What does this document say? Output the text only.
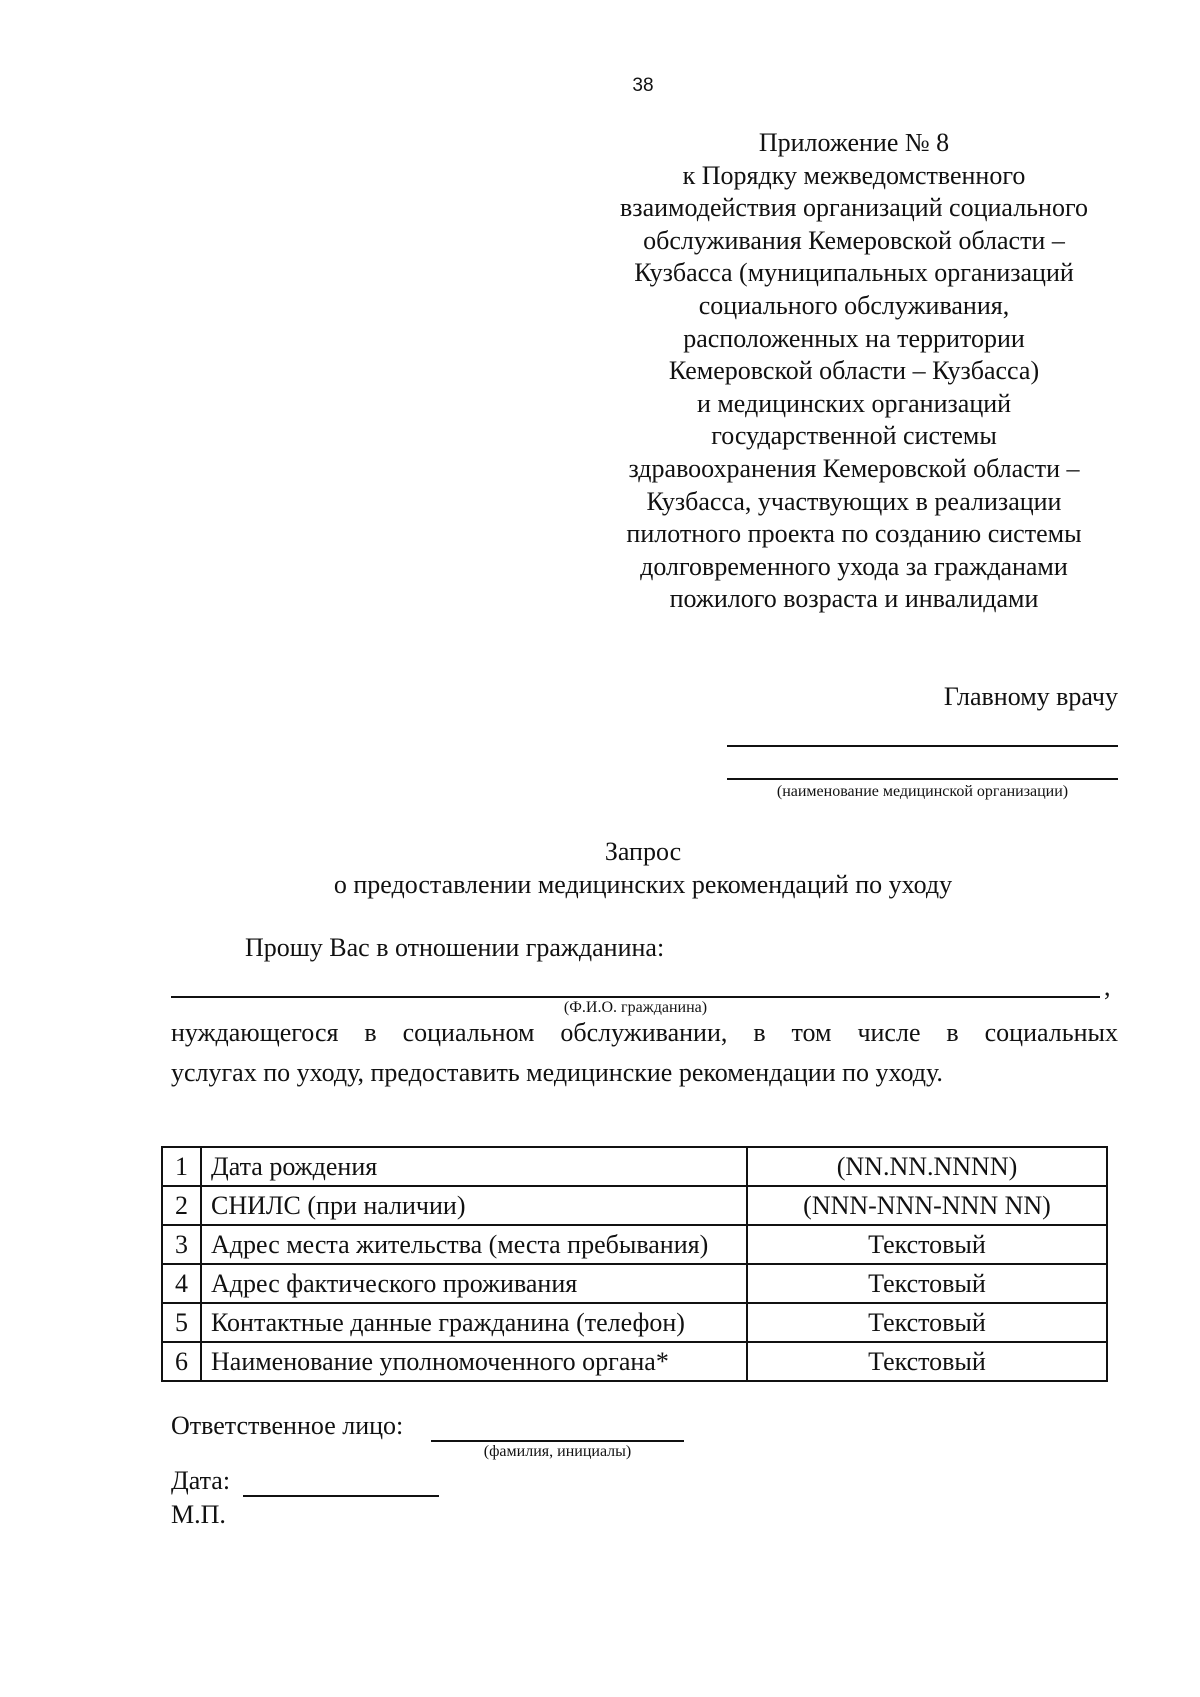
38
Приложение № 8
к Порядку межведомственного
взаимодействия организаций социального
обслуживания Кемеровской области –
Кузбасса (муниципальных организаций
социального обслуживания,
расположенных на территории
Кемеровской области – Кузбасса)
и медицинских организаций
государственной системы
здравоохранения Кемеровской области –
Кузбасса, участвующих в реализации
пилотного проекта по созданию системы
долговременного ухода за гражданами
пожилого возраста и инвалидами
Главному врачу
(наименование медицинской организации)
Запрос
о предоставлении медицинских рекомендаций по уходу
Прошу Вас в отношении гражданина:
,
(Ф.И.О. гражданина)
нуждающегося в социальном обслуживании, в том числе в социальных
услугах по уходу, предоставить медицинские рекомендации по уходу.
1	Дата рождения	(NN.NN.NNNN)
2	СНИЛС (при наличии)	(NNN-NNN-NNN NN)
3	Адрес места жительства (места пребывания)	Текстовый
4	Адрес фактического проживания	Текстовый
5	Контактные данные гражданина (телефон)	Текстовый
6	Наименование уполномоченного органа*	Текстовый
Ответственное лицо:
(фамилия, инициалы)
Дата:
М.П.
